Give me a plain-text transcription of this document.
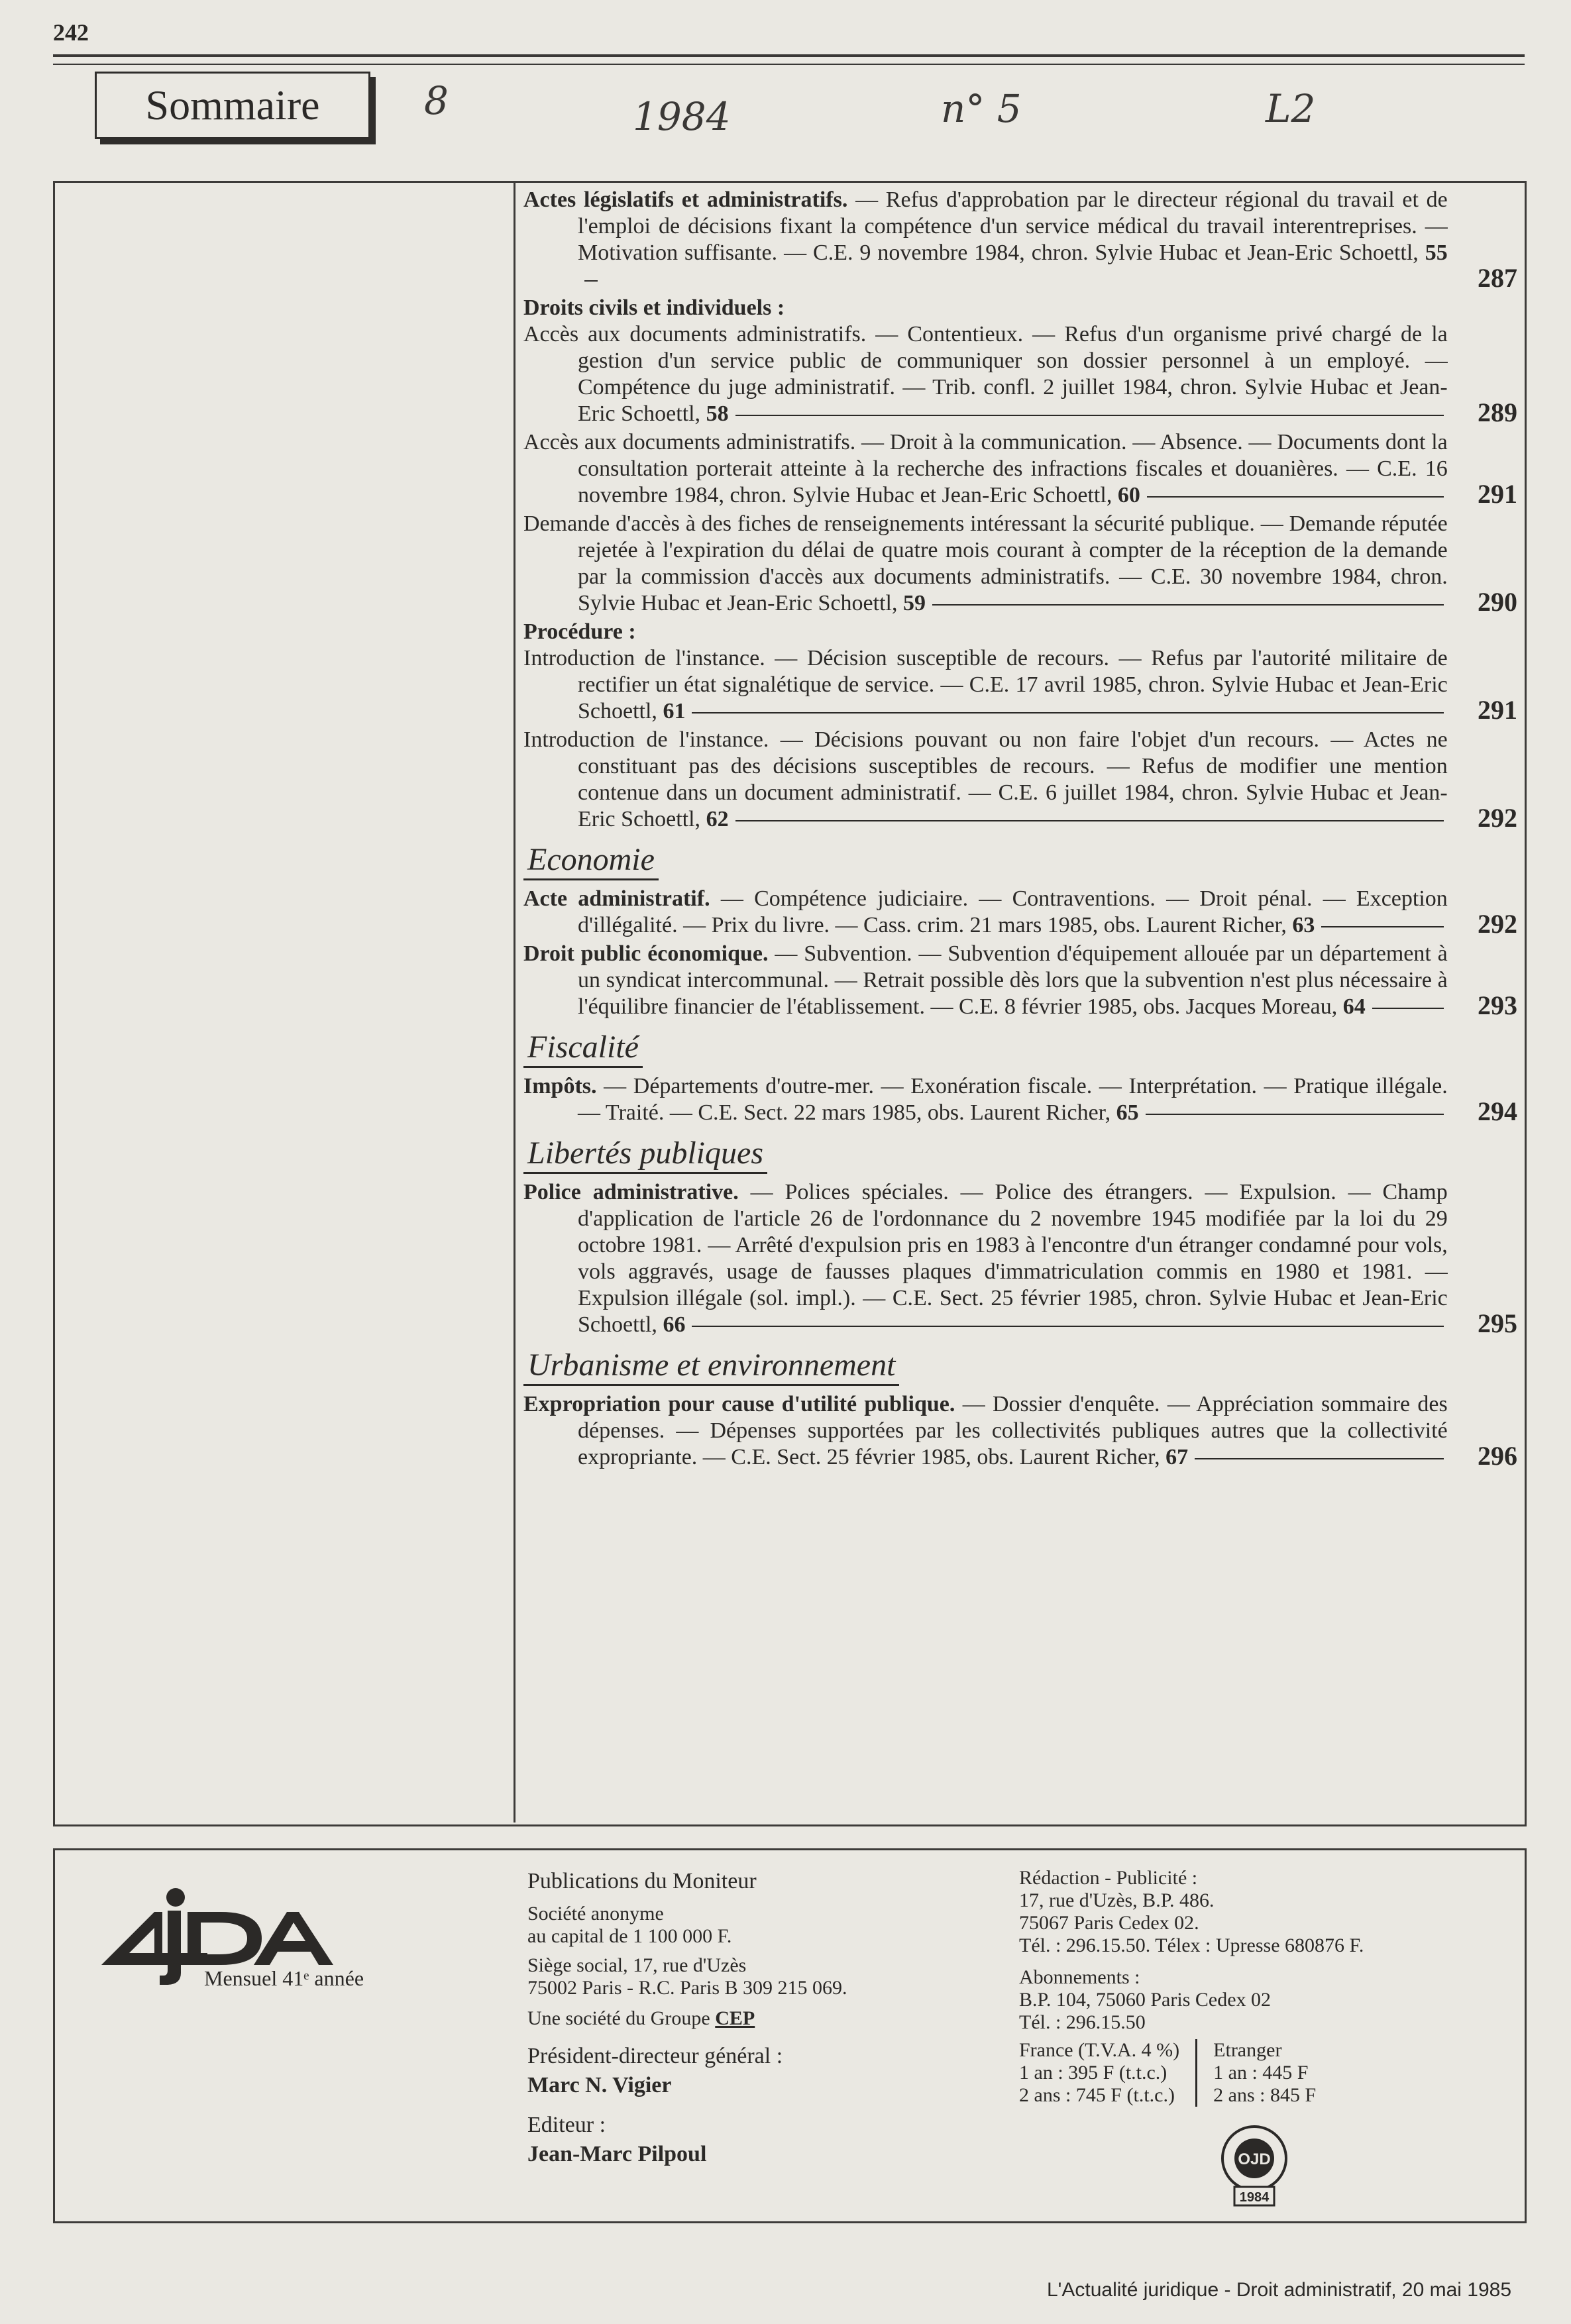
242
Sommaire	8	1984	n° 5	L2
Actes législatifs et administratifs. — Refus d'approbation par le directeur régional du travail et de l'emploi de décisions fixant la compétence d'un service médical du travail interentreprises. — Motivation suffisante. — C.E. 9 novembre 1984, chron. Sylvie Hubac et Jean-Eric Schoettl, 55
287
Droits civils et individuels :
Accès aux documents administratifs. — Contentieux. — Refus d'un organisme privé chargé de la gestion d'un service public de communiquer son dossier personnel à un employé. — Compétence du juge administratif. — Trib. confl. 2 juillet 1984, chron. Sylvie Hubac et Jean-Eric Schoettl, 58	289
Accès aux documents administratifs. — Droit à la communication. — Absence. — Documents dont la consultation porterait atteinte à la recherche des infractions fiscales et douanières. — C.E. 16 novembre 1984, chron. Sylvie Hubac et Jean-Eric Schoettl, 60	291
Demande d'accès à des fiches de renseignements intéressant la sécurité publique. — Demande réputée rejetée à l'expiration du délai de quatre mois courant à compter de la réception de la demande par la commission d'accès aux documents administratifs. — C.E. 30 novembre 1984, chron. Sylvie Hubac et Jean-Eric Schoettl, 59	290
Procédure :
Introduction de l'instance. — Décision susceptible de recours. — Refus par l'autorité militaire de rectifier un état signalétique de service. — C.E. 17 avril 1985, chron. Sylvie Hubac et Jean-Eric Schoettl, 61	291
Introduction de l'instance. — Décisions pouvant ou non faire l'objet d'un recours. — Actes ne constituant pas des décisions susceptibles de recours. — Refus de modifier une mention contenue dans un document administratif. — C.E. 6 juillet 1984, chron. Sylvie Hubac et Jean-Eric Schoettl, 62	292
Economie
Acte administratif. — Compétence judiciaire. — Contraventions. — Droit pénal. — Exception d'illégalité. — Prix du livre. — Cass. crim. 21 mars 1985, obs. Laurent Richer, 63	292
Droit public économique. — Subvention. — Subvention d'équipement allouée par un département à un syndicat intercommunal. — Retrait possible dès lors que la subvention n'est plus nécessaire à l'équilibre financier de l'établissement. — C.E. 8 février 1985, obs. Jacques Moreau, 64	293
Fiscalité
Impôts. — Départements d'outre-mer. — Exonération fiscale. — Interprétation. — Pratique illégale. — Traité. — C.E. Sect. 22 mars 1985, obs. Laurent Richer, 65	294
Libertés publiques
Police administrative. — Polices spéciales. — Police des étrangers. — Expulsion. — Champ d'application de l'article 26 de l'ordonnance du 2 novembre 1945 modifiée par la loi du 29 octobre 1981. — Arrêté d'expulsion pris en 1983 à l'encontre d'un étranger condamné pour vols, vols aggravés, usage de fausses plaques d'immatriculation commis en 1980 et 1981. — Expulsion illégale (sol. impl.). — C.E. Sect. 25 février 1985, chron. Sylvie Hubac et Jean-Eric Schoettl, 66	295
Urbanisme et environnement
Expropriation pour cause d'utilité publique. — Dossier d'enquête. — Appréciation sommaire des dépenses. — Dépenses supportées par les collectivités publiques autres que la collectivité expropriante. — C.E. Sect. 25 février 1985, obs. Laurent Richer, 67	296
AJDA
Mensuel 41ᵉ année
Publications du Moniteur
Société anonyme
au capital de 1 100 000 F.
Siège social, 17, rue d'Uzès
75002 Paris - R.C. Paris B 309 215 069.
Une société du Groupe CEP
Président-directeur général :
Marc N. Vigier
Editeur :
Jean-Marc Pilpoul
Rédaction - Publicité :
17, rue d'Uzès, B.P. 486.
75067 Paris Cedex 02.
Tél. : 296.15.50. Télex : Upresse 680876 F.
Abonnements :
B.P. 104, 75060 Paris Cedex 02
Tél. : 296.15.50
France (T.V.A. 4 %)
1 an : 395 F (t.t.c.)
2 ans : 745 F (t.t.c.)
Etranger
1 an : 445 F
2 ans : 845 F
OJD
1984
L'Actualité juridique - Droit administratif, 20 mai 1985
